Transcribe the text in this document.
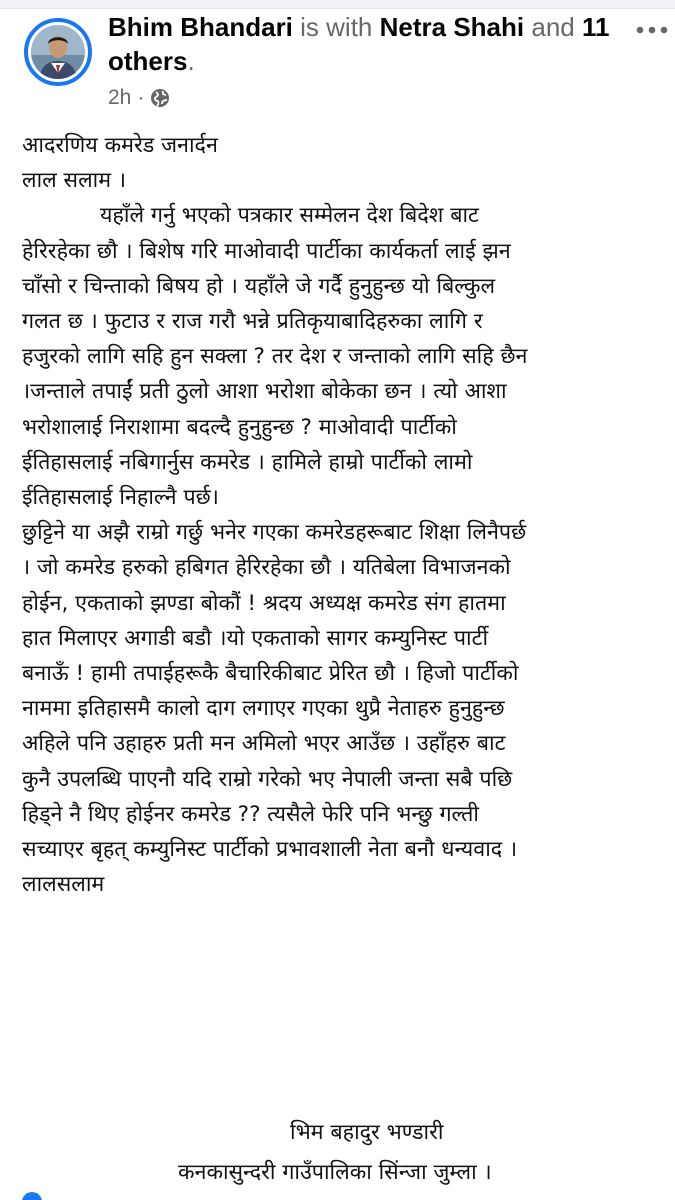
Bhim Bhandari is with Netra Shahi and 11 others.
2h ·

आदरणिय कमरेड जनार्दन

लाल सलाम ।

यहाँले गर्नु भएको पत्रकार सम्मेलन देश बिदेश बाट

हेरिरहेका छौ । बिशेष गरि माओवादी पार्टीका कार्यकर्ता लाई झन

चाँसो र चिन्ताको बिषय हो । यहाँले जे गर्दै हुनुहुन्छ यो बिल्कुल

गलत छ । फुटाउ र राज गरौ भन्ने प्रतिकृयाबादिहरुका लागि र

हजुरको लागि सहि हुन सक्ला ? तर देश र जन्ताको लागि सहि छैन

।जन्ताले तपाईं प्रती ठुलो आशा भरोशा बोकेका छन । त्यो आशा

भरोशालाई निराशामा बदल्दै हुनुहुन्छ ? माओवादी पार्टीको

ईतिहासलाई नबिगार्नुस कमरेड । हामिले हाम्रो पार्टीको लामो

ईतिहासलाई निहाल्नै पर्छ।

छुट्टिने या अझै राम्रो गर्छु भनेर गएका कमरेडहरूबाट शिक्षा लिनैपर्छ

। जो कमरेड हरुको हबिगत हेरिरहेका छौ । यतिबेला विभाजनको

होईन, एकताको झण्डा बोकौं ! श्रदय अध्यक्ष कमरेड संग हातमा

हात मिलाएर अगाडी बडौ ।यो एकताको सागर कम्युनिस्ट पार्टी

बनाऊँ ! हामी तपाईहरूकै बैचारिकीबाट प्रेरित छौ । हिजो पार्टीको

नाममा इतिहासमै कालो दाग लगाएर गएका थुप्रै नेताहरु हुनुहुन्छ

अहिले पनि उहाहरु प्रती मन अमिलो भएर आउँछ । उहाँहरु बाट

कुनै उपलब्धि पाएनौ यदि राम्रो गरेको भए नेपाली जन्ता सबै पछि

हिड्ने नै थिए होईनर कमरेड ?? त्यसैले फेरि पनि भन्छु गल्ती

सच्याएर बृहत् कम्युनिस्ट पार्टीको प्रभावशाली नेता बनौ धन्यवाद ।

लालसलाम

भिम बहादुर भण्डारी
कनकासुन्दरी गाउँपालिका सिंन्जा जुम्ला ।
